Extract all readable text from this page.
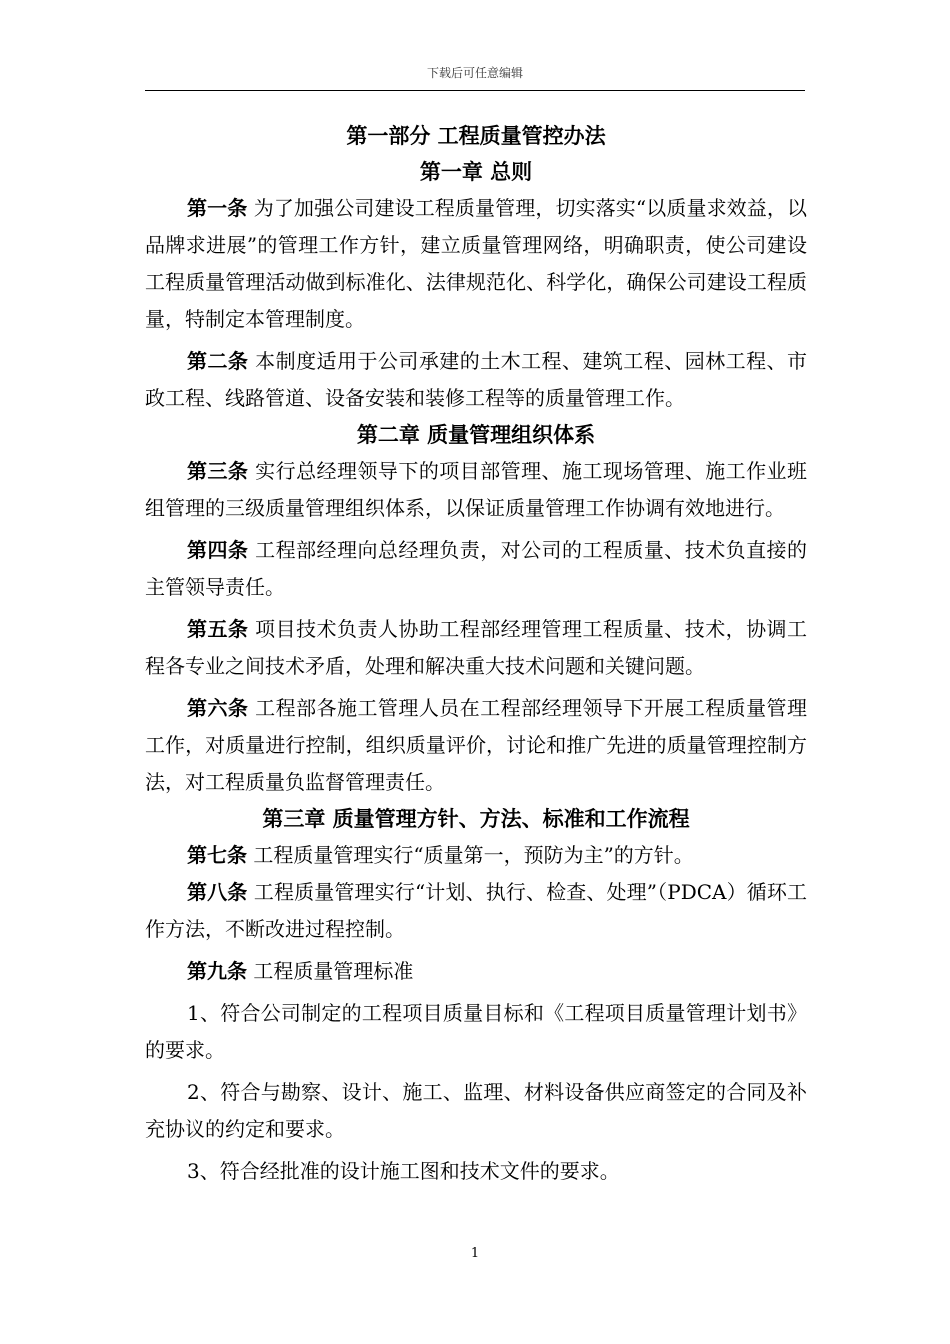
下载后可任意编辑
第一部分 工程质量管控办法
第一章 总则

第一条 为了加强公司建设工程质量管理，切实落实“以质量求效益，以品牌求进展”的管理工作方针，建立质量管理网络，明确职责，使公司建设工程质量管理活动做到标准化、法律规范化、科学化，确保公司建设工程质量，特制定本管理制度。

第二条 本制度适用于公司承建的土木工程、建筑工程、园林工程、市政工程、线路管道、设备安装和装修工程等的质量管理工作。

第二章 质量管理组织体系

第三条 实行总经理领导下的项目部管理、施工现场管理、施工作业班组管理的三级质量管理组织体系，以保证质量管理工作协调有效地进行。

第四条 工程部经理向总经理负责，对公司的工程质量、技术负直接的主管领导责任。

第五条 项目技术负责人协助工程部经理管理工程质量、技术，协调工程各专业之间技术矛盾，处理和解决重大技术问题和关键问题。

第六条 工程部各施工管理人员在工程部经理领导下开展工程质量管理工作，对质量进行控制，组织质量评价，讨论和推广先进的质量管理控制方法，对工程质量负监督管理责任。

第三章 质量管理方针、方法、标准和工作流程

第七条 工程质量管理实行“质量第一，预防为主”的方针。

第八条 工程质量管理实行“计划、执行、检查、处理”（PDCA）循环工作方法，不断改进过程控制。

第九条 工程质量管理标准

1、符合公司制定的工程项目质量目标和《工程项目质量管理计划书》的要求。

2、符合与勘察、设计、施工、监理、材料设备供应商签定的合同及补充协议的约定和要求。

3、符合经批准的设计施工图和技术文件的要求。

1
